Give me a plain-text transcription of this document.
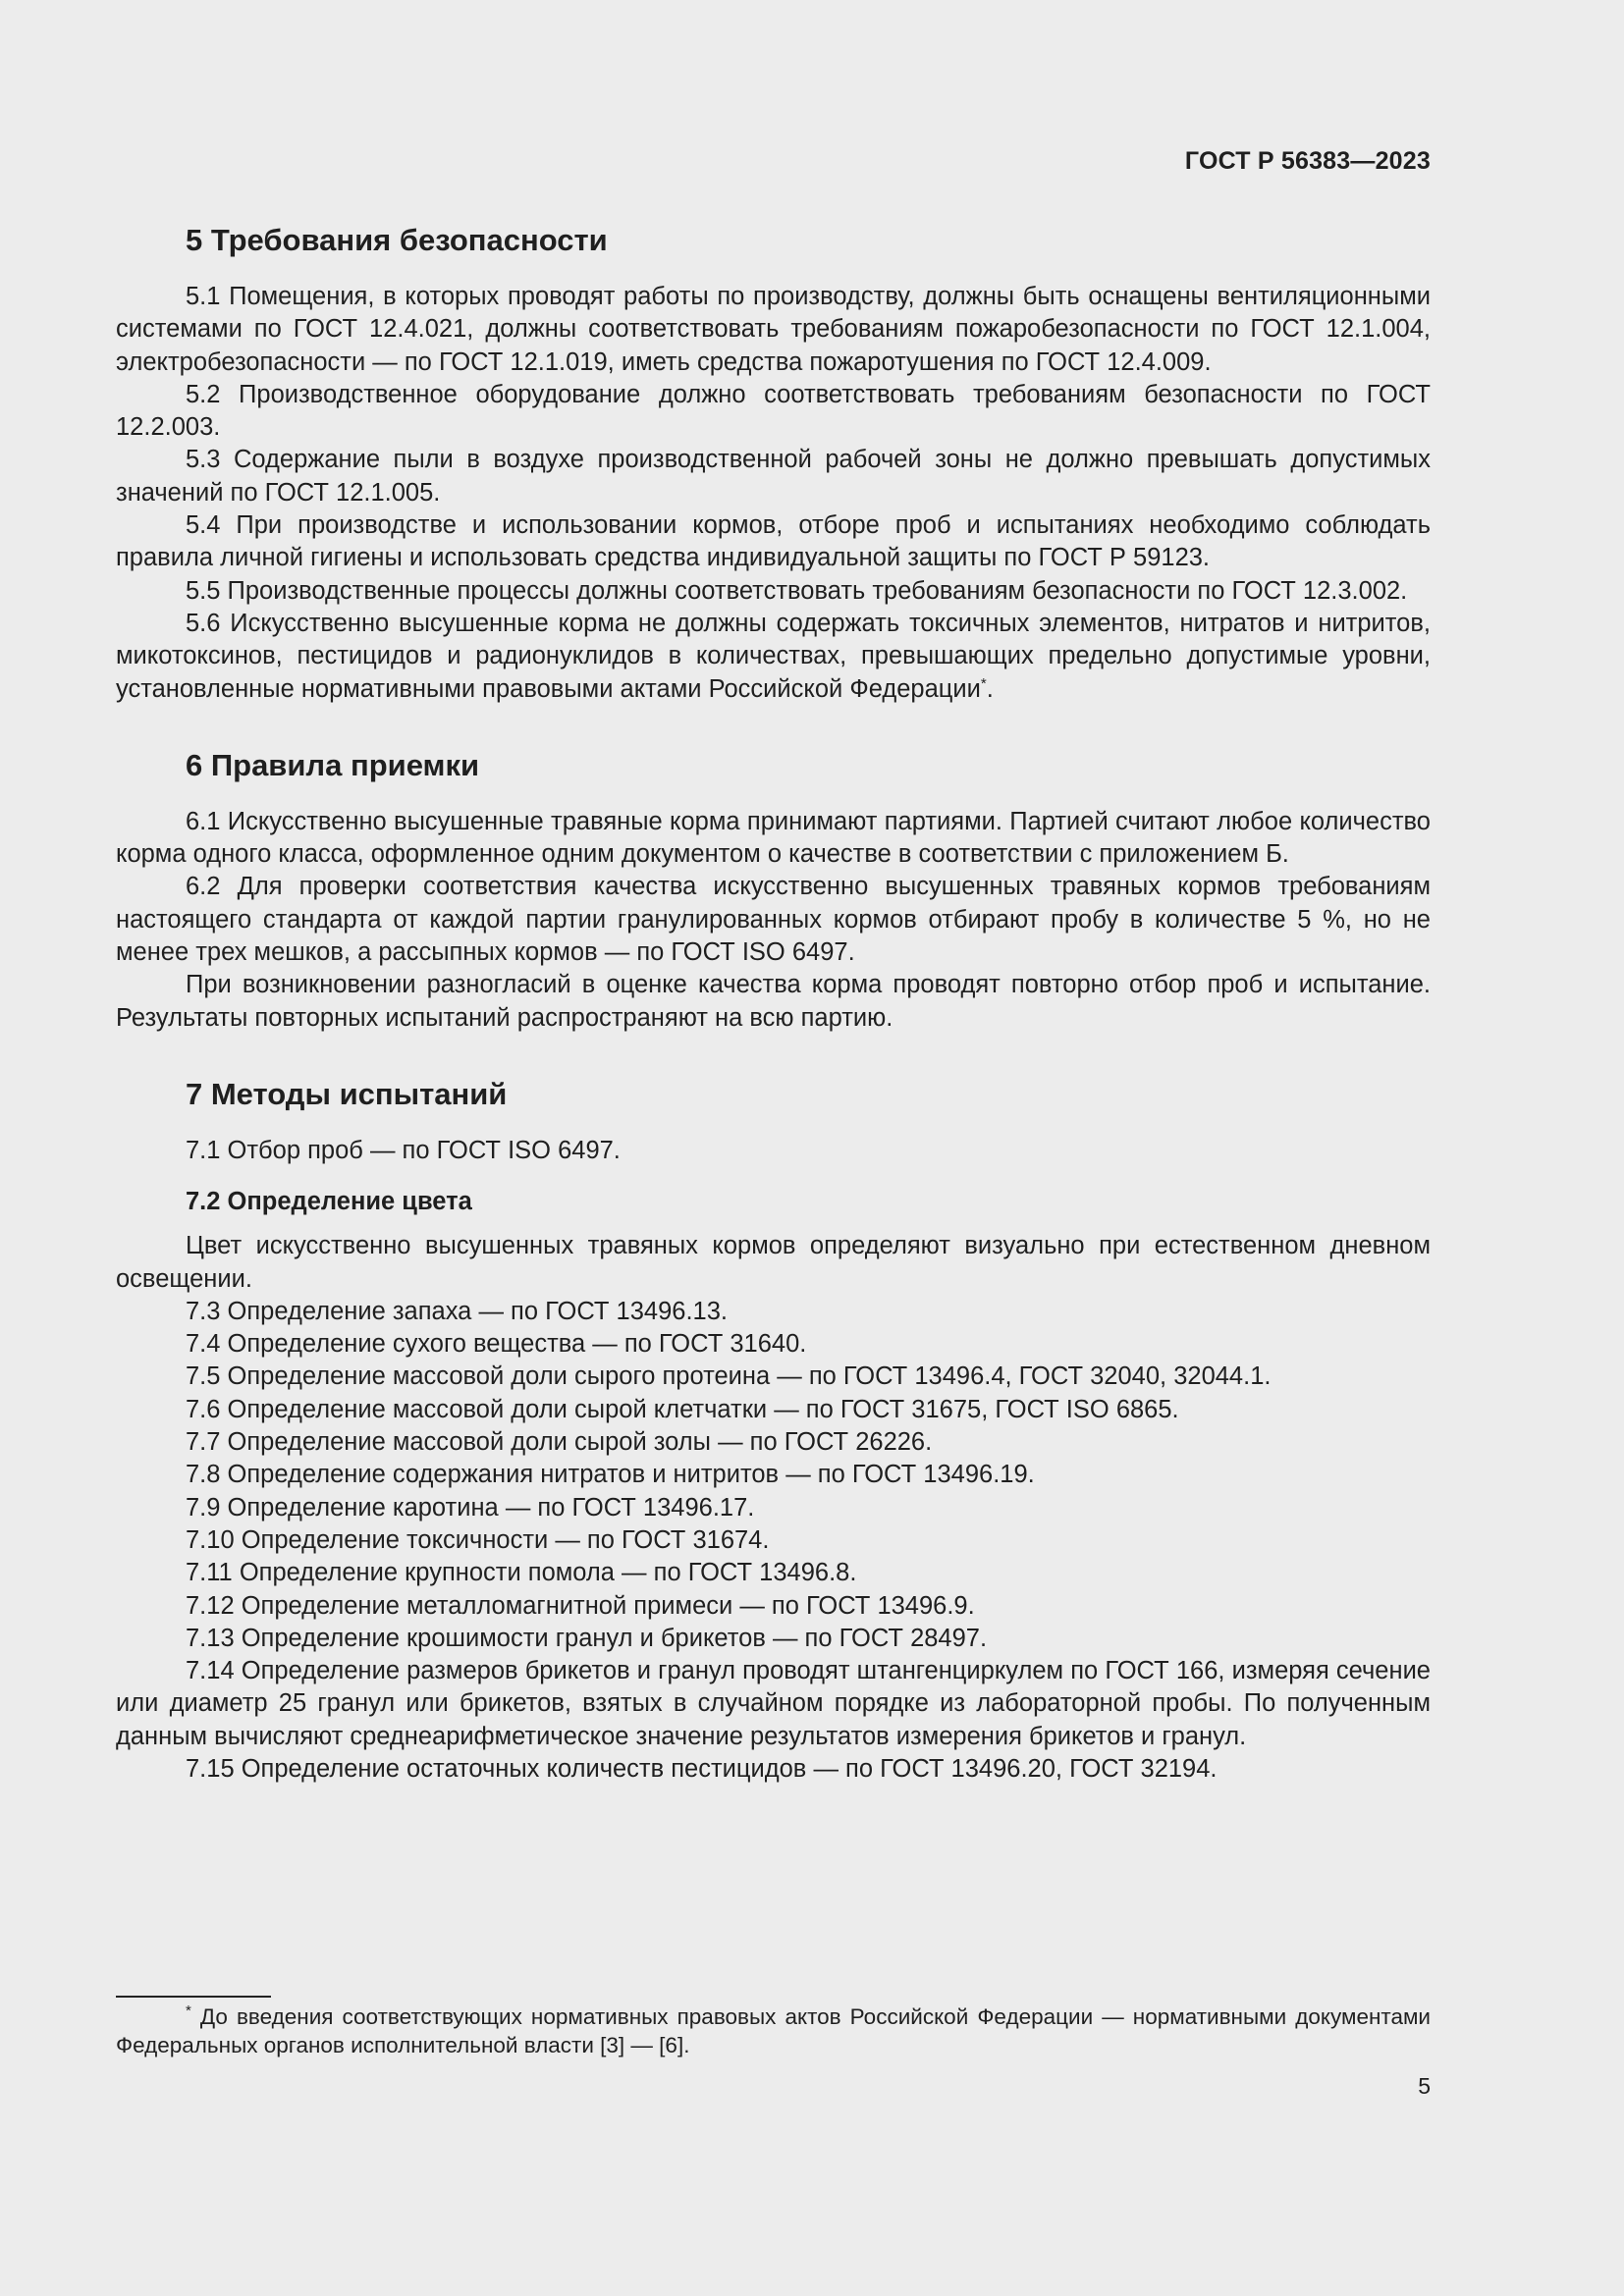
ГОСТ Р 56383—2023
5 Требования безопасности

5.1 Помещения, в которых проводят работы по производству, должны быть оснащены вентиляционными системами по ГОСТ 12.4.021, должны соответствовать требованиям пожаробезопасности по ГОСТ 12.1.004, электробезопасности — по ГОСТ 12.1.019, иметь средства пожаротушения по ГОСТ 12.4.009.

5.2 Производственное оборудование должно соответствовать требованиям безопасности по ГОСТ 12.2.003.

5.3 Содержание пыли в воздухе производственной рабочей зоны не должно превышать допустимых значений по ГОСТ 12.1.005.

5.4 При производстве и использовании кормов, отборе проб и испытаниях необходимо соблюдать правила личной гигиены и использовать средства индивидуальной защиты по ГОСТ Р 59123.

5.5 Производственные процессы должны соответствовать требованиям безопасности по ГОСТ 12.3.002.

5.6 Искусственно высушенные корма не должны содержать токсичных элементов, нитратов и нитритов, микотоксинов, пестицидов и радионуклидов в количествах, превышающих предельно допустимые уровни, установленные нормативными правовыми актами Российской Федерации*.

6 Правила приемки

6.1 Искусственно высушенные травяные корма принимают партиями. Партией считают любое количество корма одного класса, оформленное одним документом о качестве в соответствии с приложением Б.

6.2 Для проверки соответствия качества искусственно высушенных травяных кормов требованиям настоящего стандарта от каждой партии гранулированных кормов отбирают пробу в количестве 5 %, но не менее трех мешков, а рассыпных кормов — по ГОСТ ISO 6497.

При возникновении разногласий в оценке качества корма проводят повторно отбор проб и испытание. Результаты повторных испытаний распространяют на всю партию.

7 Методы испытаний

7.1 Отбор проб — по ГОСТ ISO 6497.

7.2 Определение цвета

Цвет искусственно высушенных травяных кормов определяют визуально при естественном дневном освещении.

7.3 Определение запаха — по ГОСТ 13496.13.

7.4 Определение сухого вещества — по ГОСТ 31640.

7.5 Определение массовой доли сырого протеина — по ГОСТ 13496.4, ГОСТ 32040, 32044.1.

7.6 Определение массовой доли сырой клетчатки — по ГОСТ 31675, ГОСТ ISO 6865.

7.7 Определение массовой доли сырой золы — по ГОСТ 26226.

7.8 Определение содержания нитратов и нитритов — по ГОСТ 13496.19.

7.9 Определение каротина — по ГОСТ 13496.17.

7.10 Определение токсичности — по ГОСТ 31674.

7.11 Определение крупности помола — по ГОСТ 13496.8.

7.12 Определение металломагнитной примеси — по ГОСТ 13496.9.

7.13 Определение крошимости гранул и брикетов — по ГОСТ 28497.

7.14 Определение размеров брикетов и гранул проводят штангенциркулем по ГОСТ 166, измеряя сечение или диаметр 25 гранул или брикетов, взятых в случайном порядке из лабораторной пробы. По полученным данным вычисляют среднеарифметическое значение результатов измерения брикетов и гранул.

7.15 Определение остаточных количеств пестицидов — по ГОСТ 13496.20, ГОСТ 32194.

* До введения соответствующих нормативных правовых актов Российской Федерации — нормативными документами Федеральных органов исполнительной власти [3] — [6].
5
